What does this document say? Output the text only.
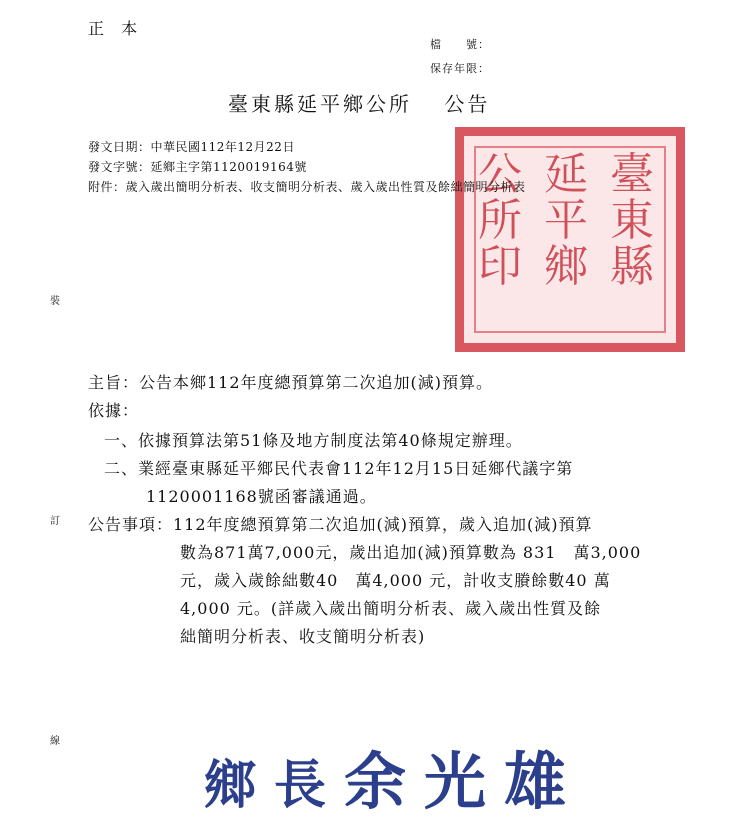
正 本
檔　　號：
保存年限：
臺東縣延平鄉公所　 公告
臺
東
縣
延
平
鄉
公
所
印
發文日期：中華民國112年12月22日
發文字號：延鄉主字第1120019164號
附件：歲入歲出簡明分析表、收支簡明分析表、歲入歲出性質及餘絀簡明分析表
裝
訂
線
主旨：公告本鄉112年度總預算第二次追加(減)預算。
依據：
一、依據預算法第51條及地方制度法第40條規定辦理。
二、業經臺東縣延平鄉民代表會112年12月15日延鄉代議字第
1120001168號函審議通過。
公告事項：112年度總預算第二次追加(減)預算，歲入追加(減)預算
數為871萬7,000元，歲出追加(減)預算數為 831　萬3,000
元，歲入歲餘絀數40　萬4,000 元，計收支賸餘數40 萬
4,000 元。(詳歲入歲出簡明分析表、歲入歲出性質及餘
絀簡明分析表、收支簡明分析表)
鄉長余光雄
